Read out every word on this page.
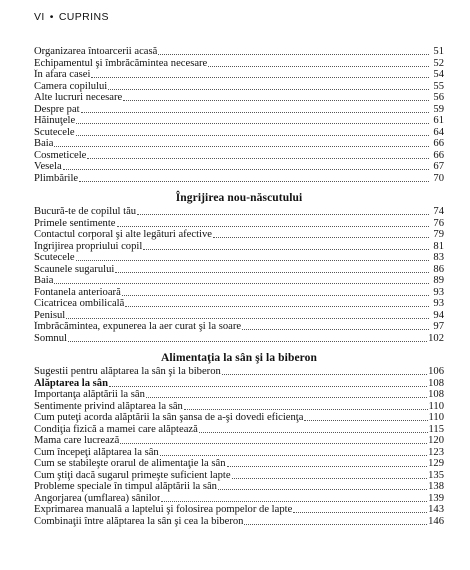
VI • CUPRINS
Organizarea întoarcerii acasă	51
Echipamentul şi îmbrăcămintea necesare	52
În afara casei	54
Camera copilului	55
Alte lucruri necesare	56
Despre pat	59
Hăinuţele	61
Scutecele	64
Baia	66
Cosmeticele	66
Vesela	67
Plimbările	70
Îngrijirea nou-născutului
Bucură-te de copilul tău	74
Primele sentimente	76
Contactul corporal şi alte legături afective	79
Îngrijirea propriului copil	81
Scutecele	83
Scaunele sugarului	86
Baia	89
Fontanela anterioară	93
Cicatricea ombilicală	93
Penisul	94
Îmbrăcămintea, expunerea la aer curat şi la soare	97
Somnul	102
Alimentaţia la sân şi la biberon
Sugestii pentru alăptarea la sân şi la biberon	106
Alăptarea la sân	108
Importanţa alăptării la sân	108
Sentimente privind alăptarea la sân	110
Cum puteţi acorda alăptării la sân şansa de a-şi dovedi eficienţa	110
Condiţia fizică a mamei care alăptează	115
Mama care lucrează	120
Cum începeţi alăptarea la sân	123
Cum se stabileşte orarul de alimentaţie la sân	129
Cum ştiţi dacă sugarul primeşte suficient lapte	135
Probleme speciale în timpul alăptării la sân	138
Angorjarea (umflarea) sânilor	139
Exprimarea manuală a laptelui şi folosirea pompelor de lapte	143
Combinaţii între alăptarea la sân şi cea la biberon	146
